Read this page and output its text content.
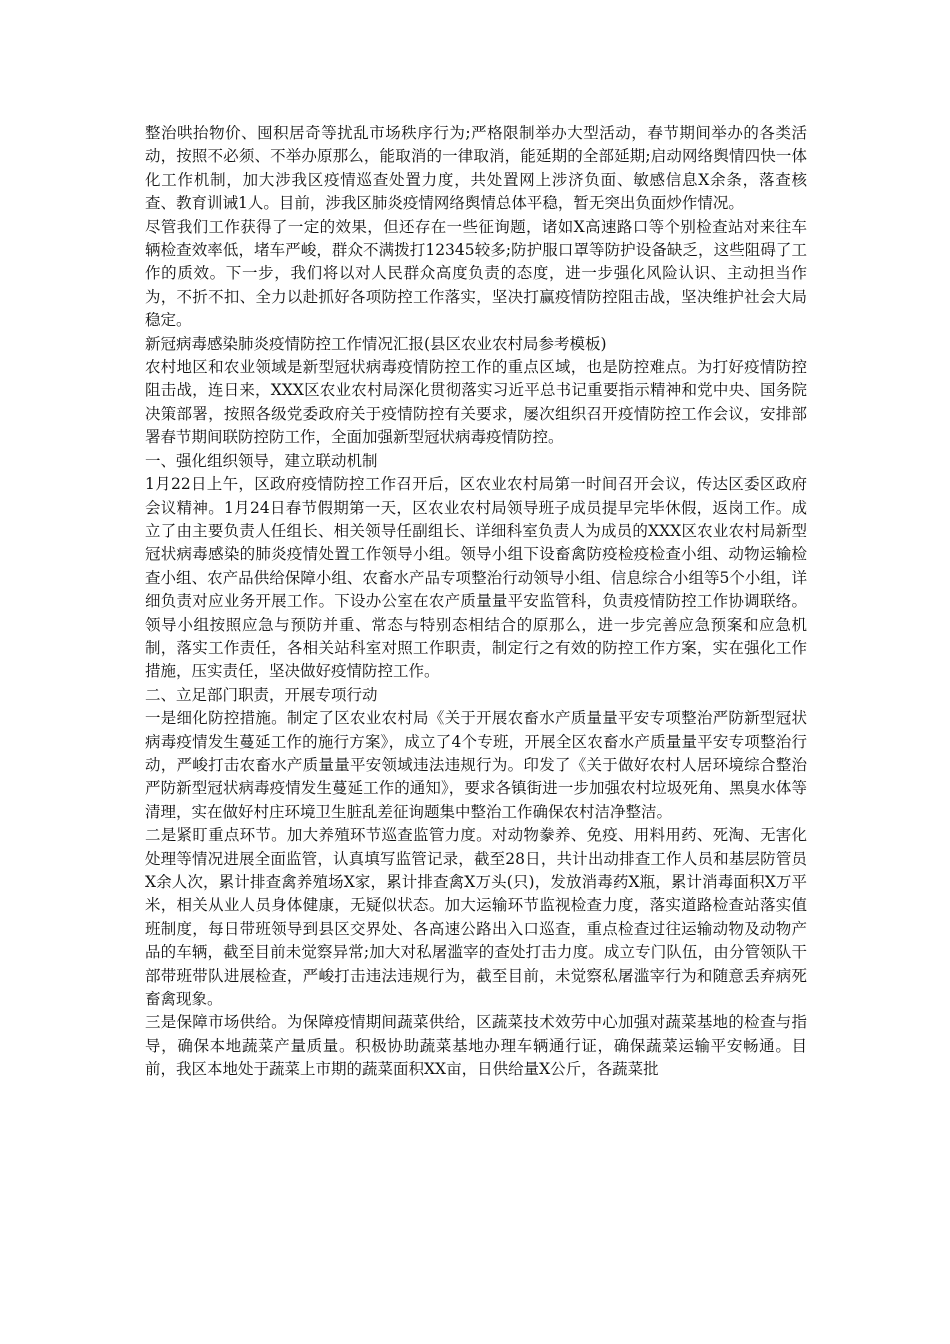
整治哄抬物价、囤积居奇等扰乱市场秩序行为;严格限制举办大型活动，春节期间举办的各类活动，按照不必须、不举办原那么，能取消的一律取消，能延期的全部延期;启动网络舆情四快一体化工作机制，加大涉我区疫情巡查处置力度，共处置网上涉济负面、敏感信息X余条，落查核查、教育训诫1人。目前，涉我区肺炎疫情网络舆情总体平稳，暂无突出负面炒作情况。

尽管我们工作获得了一定的效果，但还存在一些征询题，诸如X高速路口等个别检查站对来往车辆检查效率低，堵车严峻，群众不满拨打12345较多;防护服口罩等防护设备缺乏，这些阻碍了工作的质效。下一步，我们将以对人民群众高度负责的态度，进一步强化风险认识、主动担当作为，不折不扣、全力以赴抓好各项防控工作落实，坚决打赢疫情防控阻击战，坚决维护社会大局稳定。

新冠病毒感染肺炎疫情防控工作情况汇报(县区农业农村局参考模板)

农村地区和农业领域是新型冠状病毒疫情防控工作的重点区域，也是防控难点。为打好疫情防控阻击战，连日来，XXX区农业农村局深化贯彻落实习近平总书记重要指示精神和党中央、国务院决策部署，按照各级党委政府关于疫情防控有关要求，屡次组织召开疫情防控工作会议，安排部署春节期间联防控防工作，全面加强新型冠状病毒疫情防控。

一、强化组织领导，建立联动机制

1月22日上午，区政府疫情防控工作召开后，区农业农村局第一时间召开会议，传达区委区政府会议精神。1月24日春节假期第一天，区农业农村局领导班子成员提早完毕休假，返岗工作。成立了由主要负责人任组长、相关领导任副组长、详细科室负责人为成员的XXX区农业农村局新型冠状病毒感染的肺炎疫情处置工作领导小组。领导小组下设畜禽防疫检疫检查小组、动物运输检查小组、农产品供给保障小组、农畜水产品专项整治行动领导小组、信息综合小组等5个小组，详细负责对应业务开展工作。下设办公室在农产质量量平安监管科，负责疫情防控工作协调联络。领导小组按照应急与预防并重、常态与特别态相结合的原那么，进一步完善应急预案和应急机制，落实工作责任，各相关站科室对照工作职责，制定行之有效的防控工作方案，实在强化工作措施，压实责任，坚决做好疫情防控工作。

二、立足部门职责，开展专项行动

一是细化防控措施。制定了区农业农村局《关于开展农畜水产质量量平安专项整治严防新型冠状病毒疫情发生蔓延工作的施行方案》，成立了4个专班，开展全区农畜水产质量量平安专项整治行动，严峻打击农畜水产质量量平安领域违法违规行为。印发了《关于做好农村人居环境综合整治严防新型冠状病毒疫情发生蔓延工作的通知》，要求各镇街进一步加强农村垃圾死角、黑臭水体等清理，实在做好村庄环境卫生脏乱差征询题集中整治工作确保农村洁净整洁。

二是紧盯重点环节。加大养殖环节巡查监管力度。对动物豢养、免疫、用料用药、死淘、无害化处理等情况进展全面监管，认真填写监管记录，截至28日，共计出动排查工作人员和基层防管员X余人次，累计排查禽养殖场X家，累计排查禽X万头(只)，发放消毒药X瓶，累计消毒面积X万平米，相关从业人员身体健康，无疑似状态。加大运输环节监视检查力度，落实道路检查站落实值班制度，每日带班领导到县区交界处、各高速公路出入口巡查，重点检查过往运输动物及动物产品的车辆，截至目前未觉察异常;加大对私屠滥宰的查处打击力度。成立专门队伍，由分管领队干部带班带队进展检查，严峻打击违法违规行为，截至目前，未觉察私屠滥宰行为和随意丢弃病死畜禽现象。

三是保障市场供给。为保障疫情期间蔬菜供给，区蔬菜技术效劳中心加强对蔬菜基地的检查与指导，确保本地蔬菜产量质量。积极协助蔬菜基地办理车辆通行证，确保蔬菜运输平安畅通。目前，我区本地处于蔬菜上市期的蔬菜面积XX亩，日供给量X公斤，各蔬菜批
